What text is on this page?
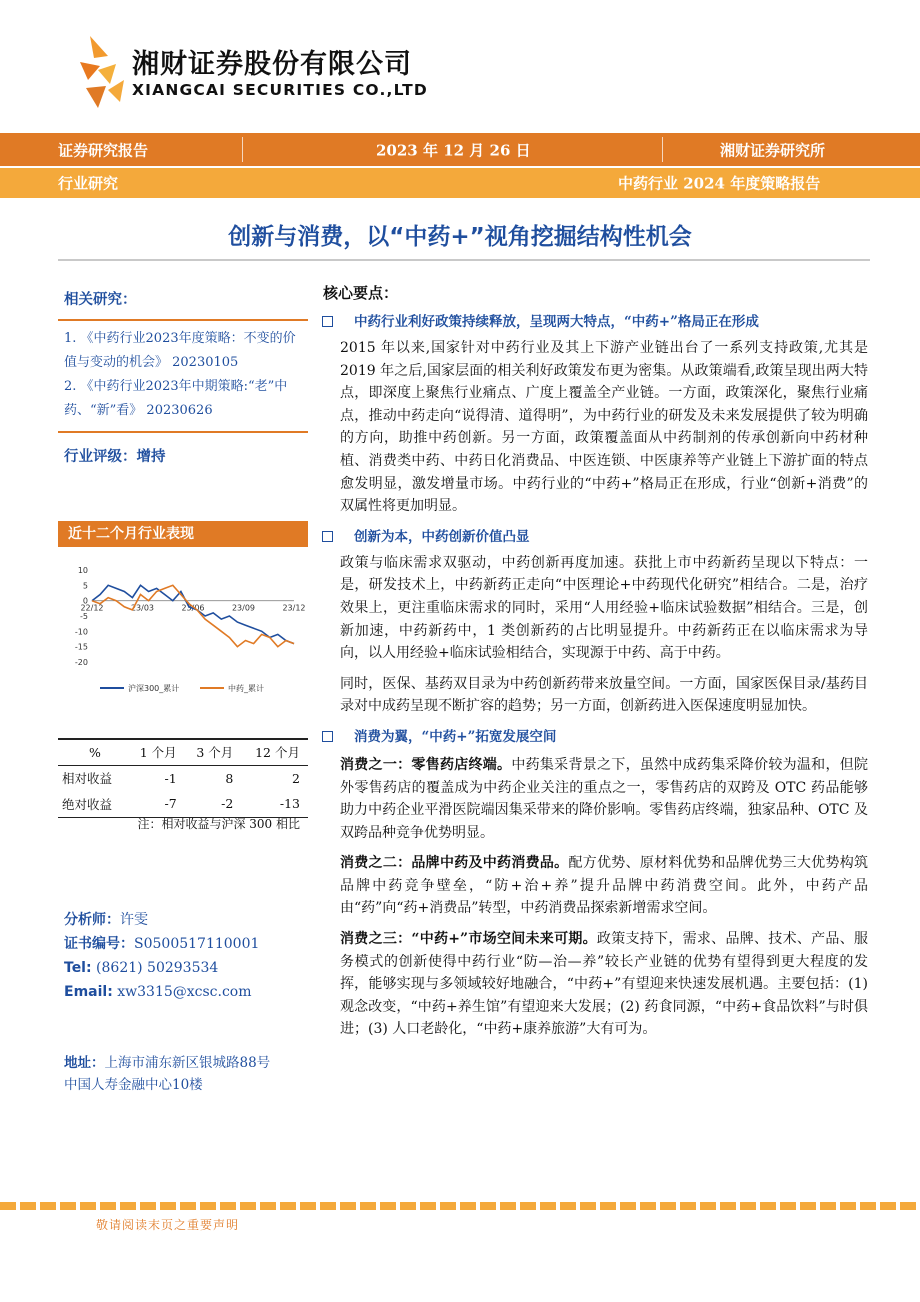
湘财证券股份有限公司
XIANGCAI SECURITIES CO.,LTD
证券研究报告	2023 年 12 月 26 日	湘财证券研究所
行业研究	中药行业 2024 年度策略报告
创新与消费，以“中药+”视角挖掘结构性机会
相关研究：
1. 《中药行业2023年度策略：不变的价值与变动的机会》 20230105
2. 《中药行业2023年中期策略:“老”中药、“新”看》 20230626
行业评级：增持
近十二个月行业表现
10
5
0
-5
-10
-15
-20
22/12	23/03	23/06	23/09	23/12
沪深300_累计	中药_累计
%	1 个月	3 个月	12 个月
相对收益	-1	8	2
绝对收益	-7	-2	-13
注：相对收益与沪深 300 相比
分析师：许雯
证书编号：S0500517110001
Tel: (8621) 50293534
Email: xw3315@xcsc.com
地址：上海市浦东新区银城路88号
中国人寿金融中心10楼
核心要点：
中药行业利好政策持续释放，呈现两大特点，“中药+”格局正在形成

2015 年以来,国家针对中药行业及其上下游产业链出台了一系列支持政策,尤其是 2019 年之后,国家层面的相关利好政策发布更为密集。从政策端看,政策呈现出两大特点，即深度上聚焦行业痛点、广度上覆盖全产业链。一方面，政策深化，聚焦行业痛点，推动中药走向“说得清、道得明”，为中药行业的研发及未来发展提供了较为明确的方向，助推中药创新。另一方面，政策覆盖面从中药制剂的传承创新向中药材种植、消费类中药、中药日化消费品、中医连锁、中医康养等产业链上下游扩面的特点愈发明显，激发增量市场。中药行业的“中药+”格局正在形成，行业“创新+消费”的双属性将更加明显。

创新为本，中药创新价值凸显

政策与临床需求双驱动，中药创新再度加速。获批上市中药新药呈现以下特点：一是，研发技术上，中药新药正走向“中医理论+中药现代化研究”相结合。二是，治疗效果上，更注重临床需求的同时，采用“人用经验+临床试验数据”相结合。三是，创新加速，中药新药中，1 类创新药的占比明显提升。中药新药正在以临床需求为导向，以人用经验+临床试验相结合，实现源于中药、高于中药。

同时，医保、基药双目录为中药创新药带来放量空间。一方面，国家医保目录/基药目录对中成药呈现不断扩容的趋势；另一方面，创新药进入医保速度明显加快。

消费为翼，“中药+”拓宽发展空间

消费之一：零售药店终端。中药集采背景之下，虽然中成药集采降价较为温和，但院外零售药店的覆盖成为中药企业关注的重点之一，零售药店的双跨及 OTC 药品能够助力中药企业平滑医院端因集采带来的降价影响。零售药店终端，独家品种、OTC 及双跨品种竞争优势明显。

消费之二：品牌中药及中药消费品。配方优势、原材料优势和品牌优势三大优势构筑品牌中药竞争壁垒，“防+治+养”提升品牌中药消费空间。此外，中药产品由“药”向“药+消费品”转型，中药消费品探索新增需求空间。

消费之三：“中药+”市场空间未来可期。政策支持下，需求、品牌、技术、产品、服务模式的创新使得中药行业“防—治—养”较长产业链的优势有望得到更大程度的发挥，能够实现与多领域较好地融合，“中药+”有望迎来快速发展机遇。主要包括：(1) 观念改变，“中药+养生馆”有望迎来大发展；(2) 药食同源，“中药+食品饮料”与时俱进；(3) 人口老龄化，“中药+康养旅游”大有可为。

敬请阅读末页之重要声明
